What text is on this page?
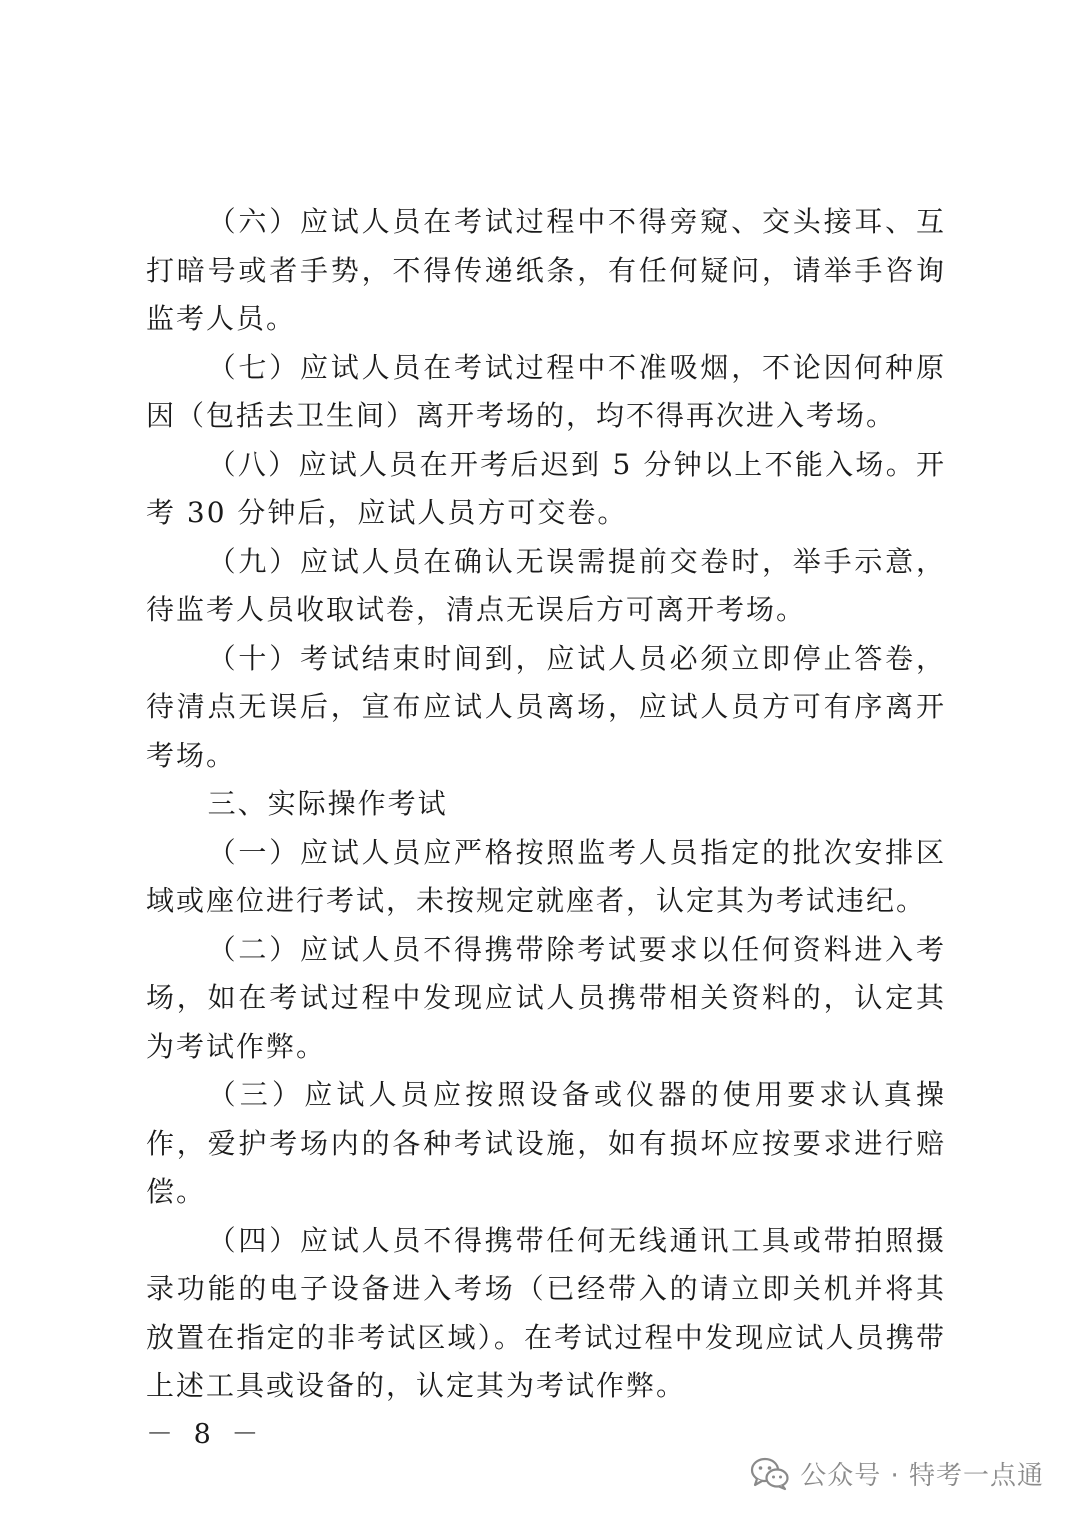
（六）应试人员在考试过程中不得旁窥、交头接耳、互打暗号或者手势，不得传递纸条，有任何疑问，请举手咨询监考人员。

（七）应试人员在考试过程中不准吸烟，不论因何种原因（包括去卫生间）离开考场的，均不得再次进入考场。

（八）应试人员在开考后迟到 5 分钟以上不能入场。开考 30 分钟后，应试人员方可交卷。

（九）应试人员在确认无误需提前交卷时，举手示意，待监考人员收取试卷，清点无误后方可离开考场。

（十）考试结束时间到，应试人员必须立即停止答卷，待清点无误后，宣布应试人员离场，应试人员方可有序离开考场。

三、实际操作考试

（一）应试人员应严格按照监考人员指定的批次安排区域或座位进行考试，未按规定就座者，认定其为考试违纪。

（二）应试人员不得携带除考试要求以任何资料进入考场，如在考试过程中发现应试人员携带相关资料的，认定其为考试作弊。

（三）应试人员应按照设备或仪器的使用要求认真操作，爱护考场内的各种考试设施，如有损坏应按要求进行赔偿。

（四）应试人员不得携带任何无线通讯工具或带拍照摄录功能的电子设备进入考场（已经带入的请立即关机并将其放置在指定的非考试区域）。在考试过程中发现应试人员携带上述工具或设备的，认定其为考试作弊。

－ 8 －
公众号 · 特考一点通
